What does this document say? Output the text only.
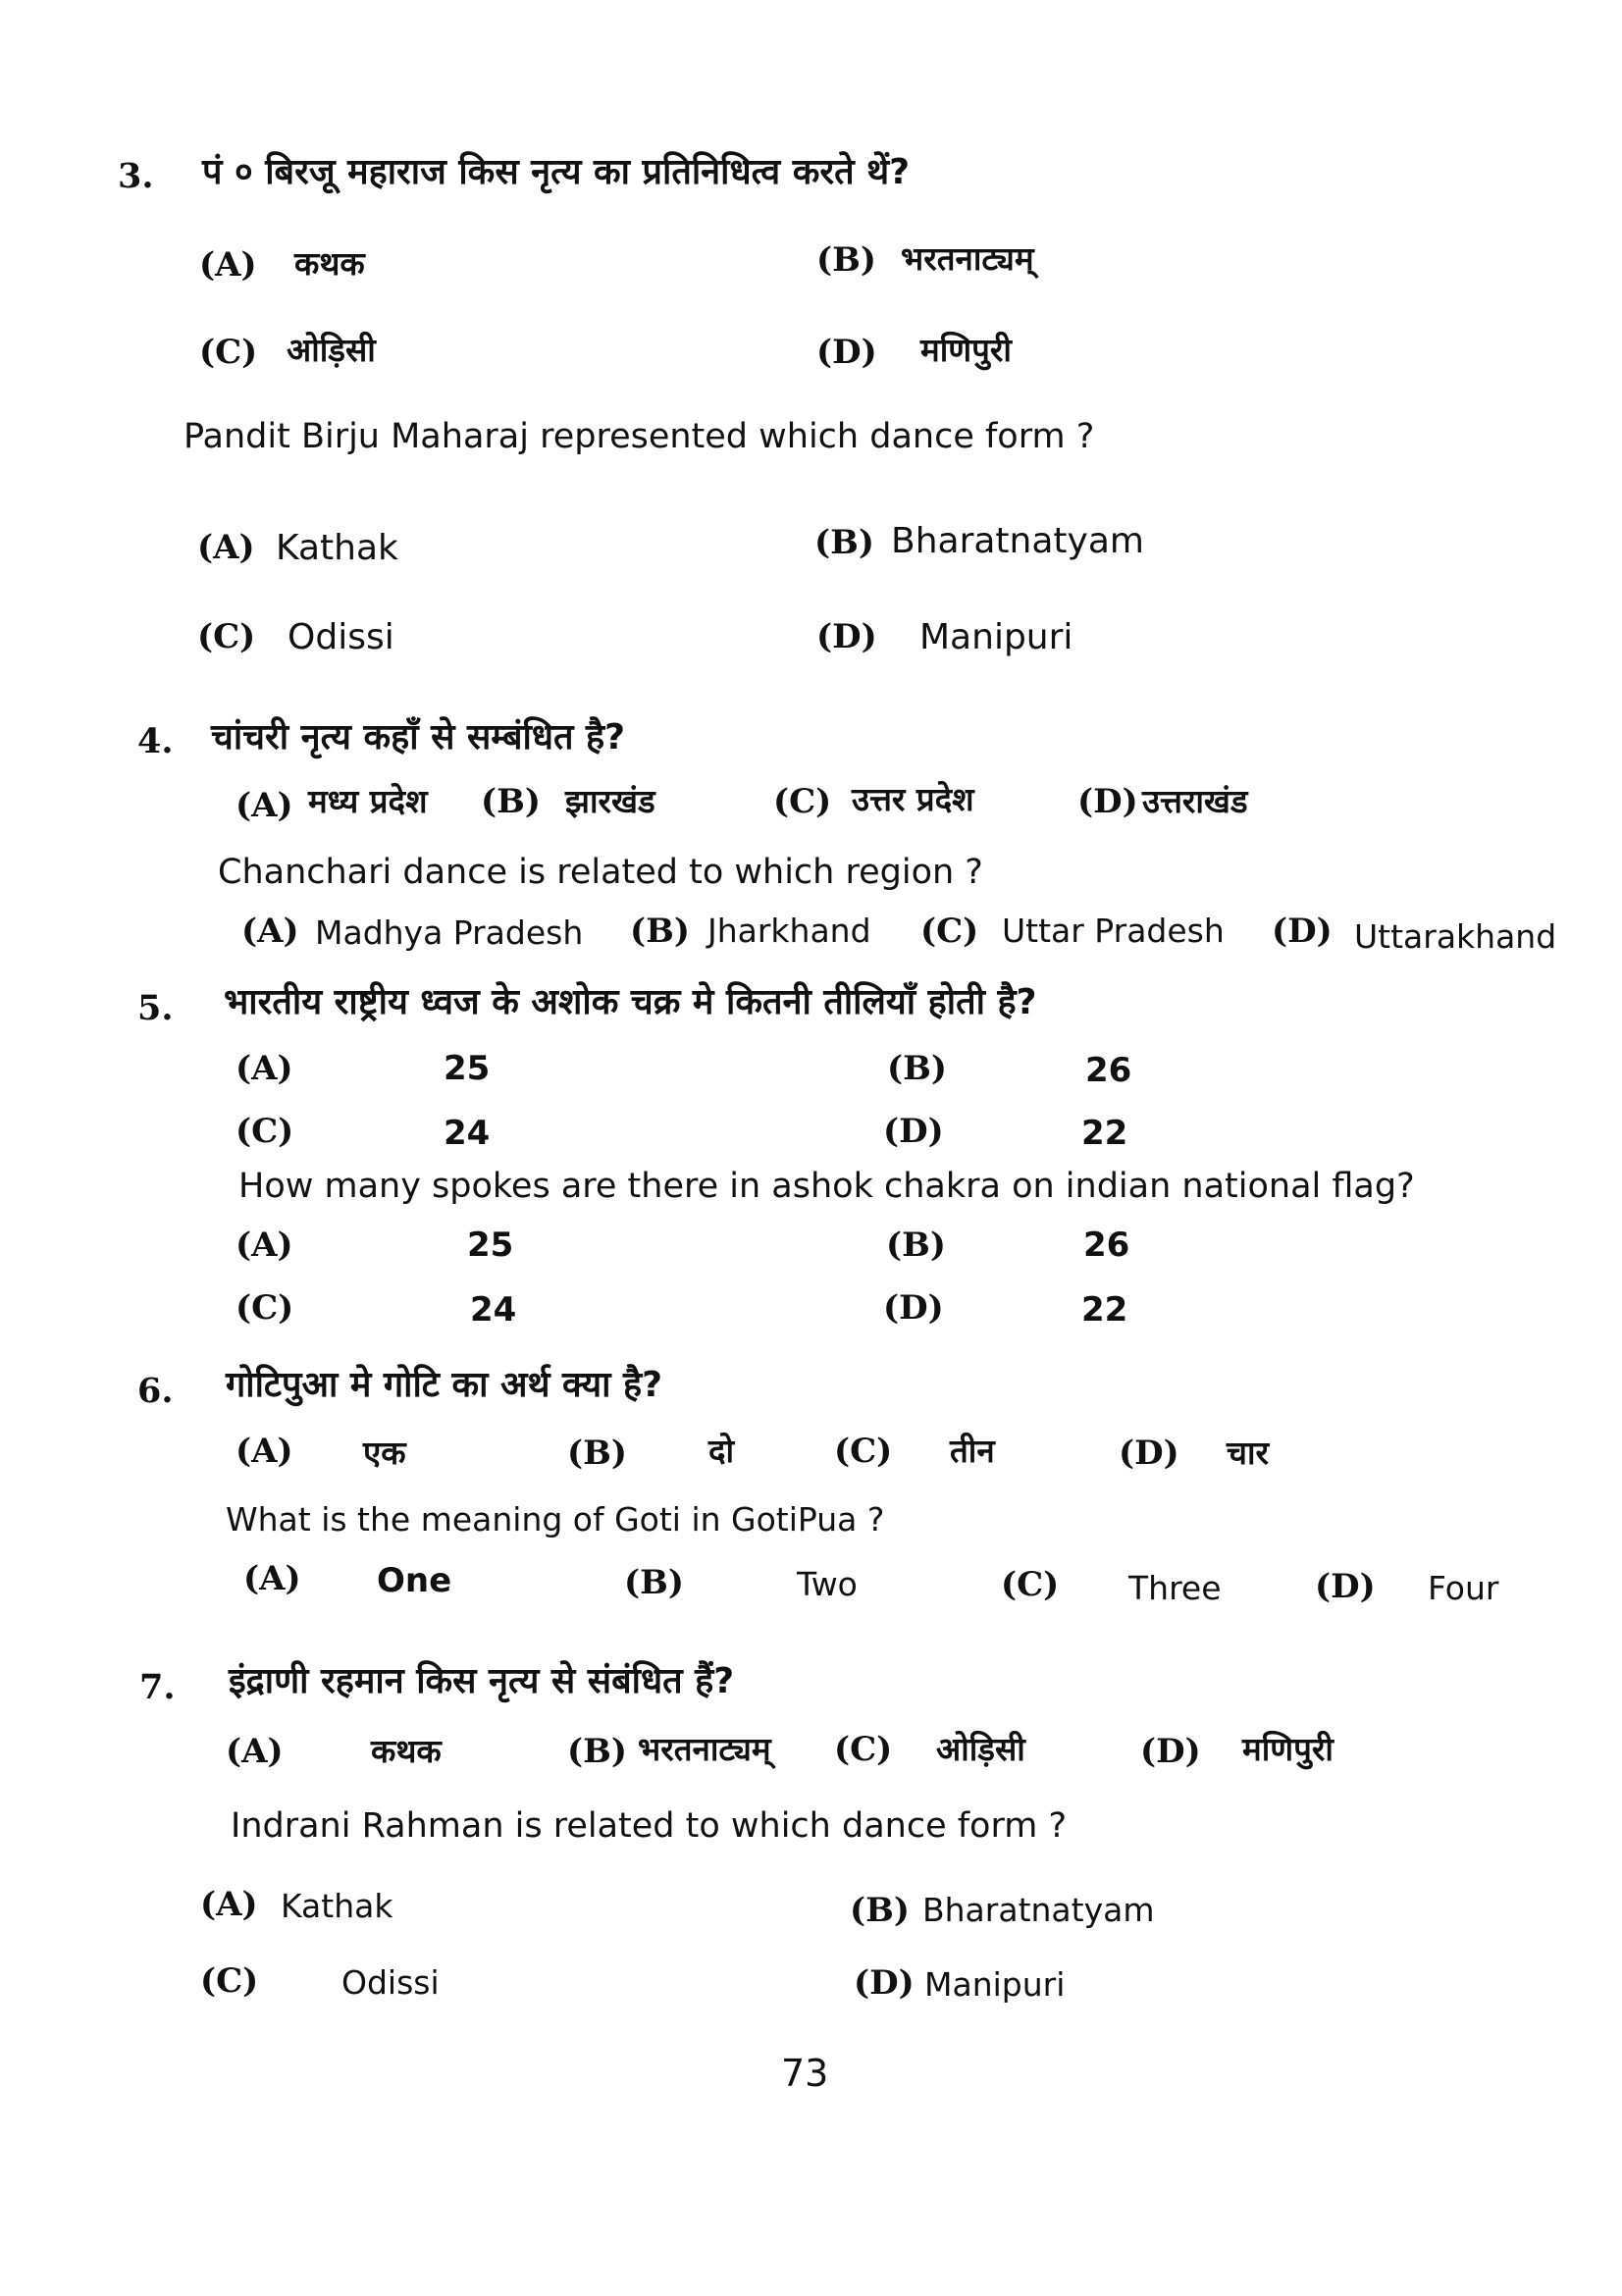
3. पं ० बिरजू महाराज किस नृत्य का प्रतिनिधित्व करते थें?
(A) कथक	(B) भरतनाट्यम्
(C) ओड़िसी	(D) मणिपुरी
Pandit Birju Maharaj represented which dance form ?
(A) Kathak	(B) Bharatnatyam
(C) Odissi	(D) Manipuri
4. चांचरी नृत्य कहाँ से सम्बंधित है?
(A) मध्य प्रदेश (B) झारखंड	(C) उत्तर प्रदेश	(D) उत्तराखंड
Chanchari dance is related to which region ?
(A) Madhya Pradesh (B) Jharkhand (C) Uttar Pradesh (D) Uttarakhand
5. भारतीय राष्ट्रीय ध्वज के अशोक चक्र मे कितनी तीलियाँ होती है?
(A)	25	(B)	26
(C)	24	(D)	22
How many spokes are there in ashok chakra on indian national flag?
(A)	25	(B)	26
(C)	24	(D)	22
6. गोटिपुआ मे गोटि का अर्थ क्या है?
(A) एक	(B)	दो	(C) तीन	(D) चार
What is the meaning of Goti in GotiPua ?
(A) One	(B)	Two	(C) Three	(D) Four
7. इंद्राणी रहमान किस नृत्य से संबंधित हैं?
(A)	कथक	(B) भरतनाट्यम् (C) ओड़िसी	(D) मणिपुरी
Indrani Rahman is related to which dance form ?
(A) Kathak	(B) Bharatnatyam
(C)	Odissi	(D) Manipuri
73
